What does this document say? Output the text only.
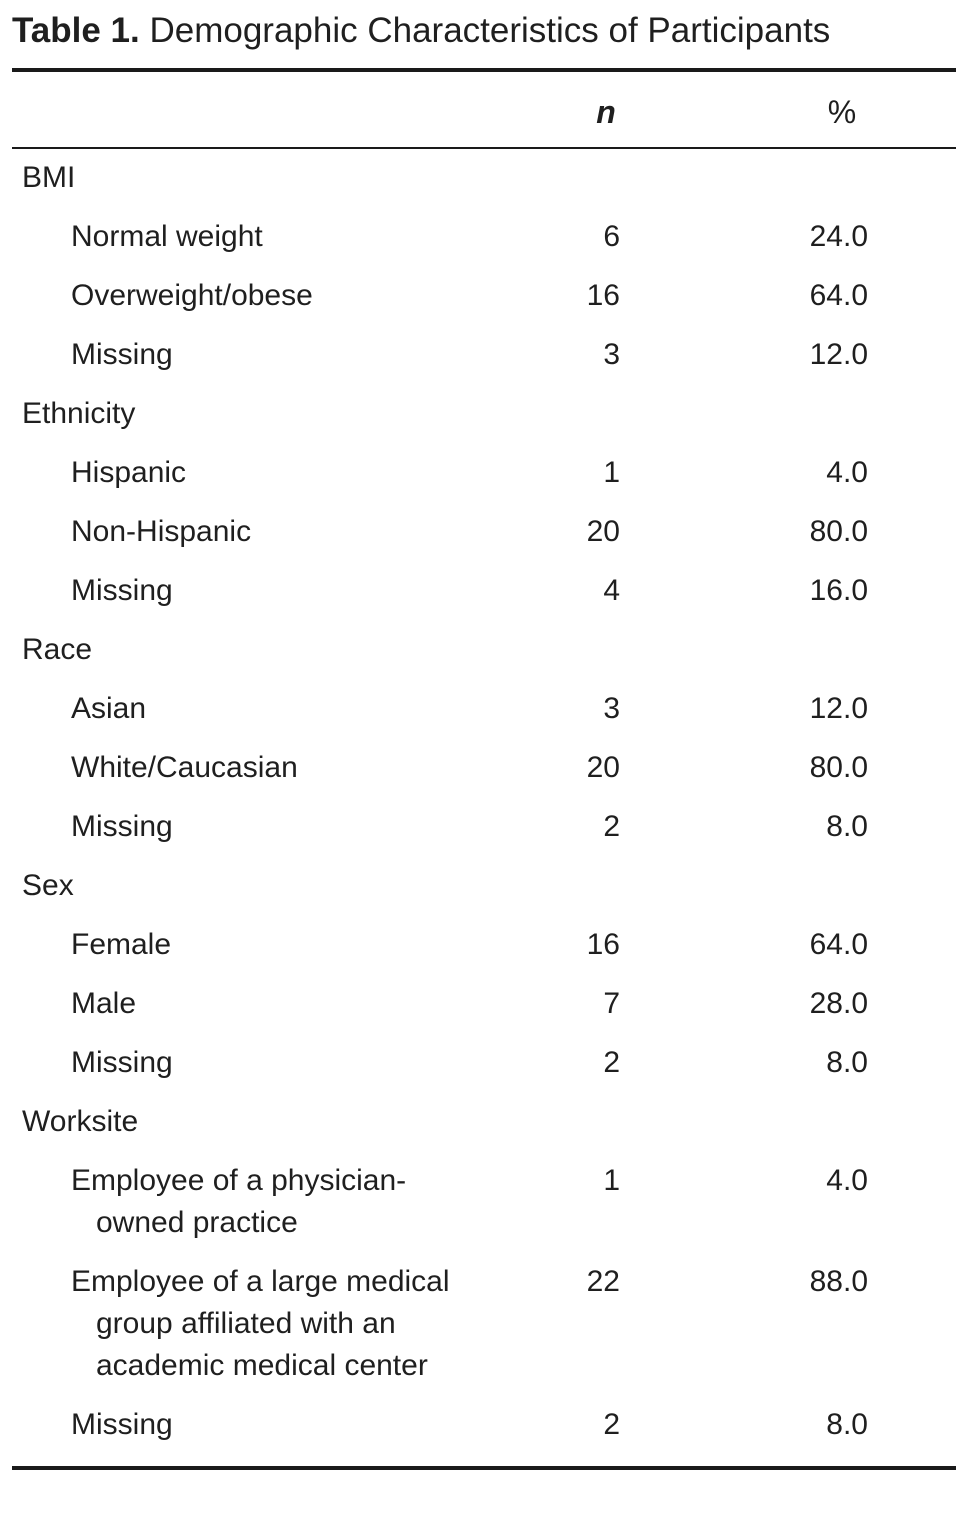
Table 1. Demographic Characteristics of Participants
n	%
BMI
Normal weight	6	24.0
Overweight/obese	16	64.0
Missing	3	12.0
Ethnicity
Hispanic	1	4.0
Non-Hispanic	20	80.0
Missing	4	16.0
Race
Asian	3	12.0
White/Caucasian	20	80.0
Missing	2	8.0
Sex
Female	16	64.0
Male	7	28.0
Missing	2	8.0
Worksite
Employee of a physician-
owned practice
1	4.0
Employee of a large medical
group affiliated with an
academic medical center
22	88.0
Missing	2	8.0
